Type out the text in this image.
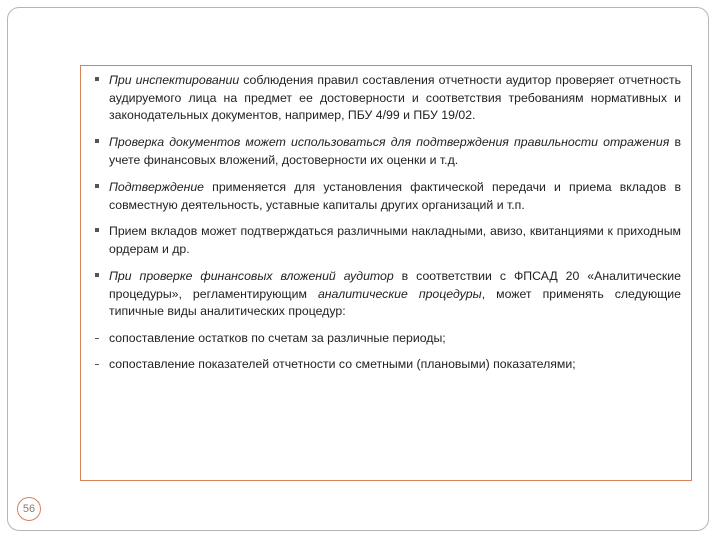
При инспектировании соблюдения правил составления отчетности аудитор проверяет отчетность аудируемого лица на предмет ее достоверности и соответствия требованиям нормативных и законодательных документов, например, ПБУ 4/99 и ПБУ 19/02.
Проверка документов может использоваться для подтверждения правильности отражения в учете финансовых вложений, достоверности их оценки и т.д.
Подтверждение применяется для установления фактической передачи и приема вкладов в совместную деятельность, уставные капиталы других организаций и т.п.
Прием вкладов может подтверждаться различными накладными, авизо, квитанциями к приходным ордерам и др.
При проверке финансовых вложений аудитор в соответствии с ФПСАД 20 «Аналитические процедуры», регламентирующим аналитические процедуры, может применять следующие типичные виды аналитических процедур:
сопоставление остатков по счетам за различные периоды;
сопоставление показателей отчетности со сметными (плановыми) показателями;
56
